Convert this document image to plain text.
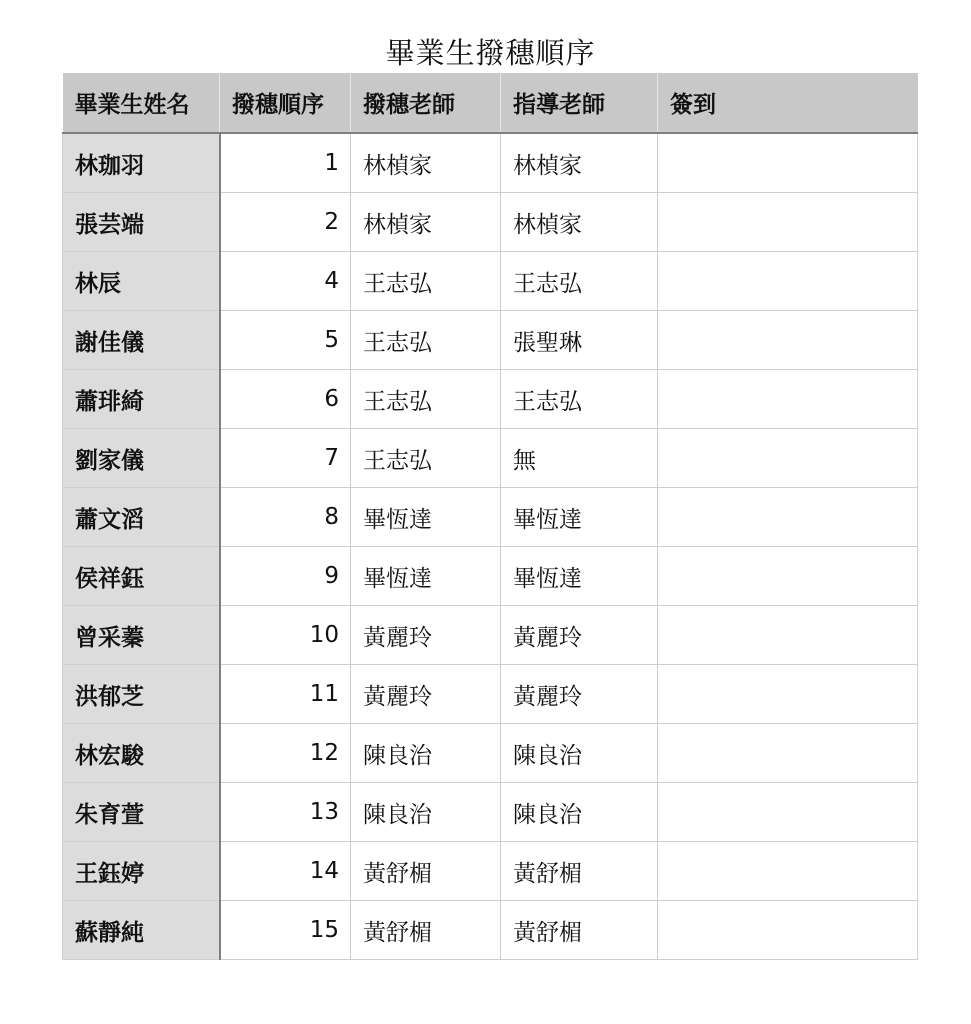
畢業生撥穗順序
畢業生姓名	撥穗順序	撥穗老師	指導老師	簽到
林珈羽	1	林楨家	林楨家	
張芸端	2	林楨家	林楨家	
林辰	4	王志弘	王志弘	
謝佳儀	5	王志弘	張聖琳	
蕭琲綺	6	王志弘	王志弘	
劉家儀	7	王志弘	無	
蕭文滔	8	畢恆達	畢恆達	
侯祥鈺	9	畢恆達	畢恆達	
曾采蓁	10	黃麗玲	黃麗玲	
洪郁芝	11	黃麗玲	黃麗玲	
林宏駿	12	陳良治	陳良治	
朱育萱	13	陳良治	陳良治	
王鈺婷	14	黃舒楣	黃舒楣	
蘇靜純	15	黃舒楣	黃舒楣	
